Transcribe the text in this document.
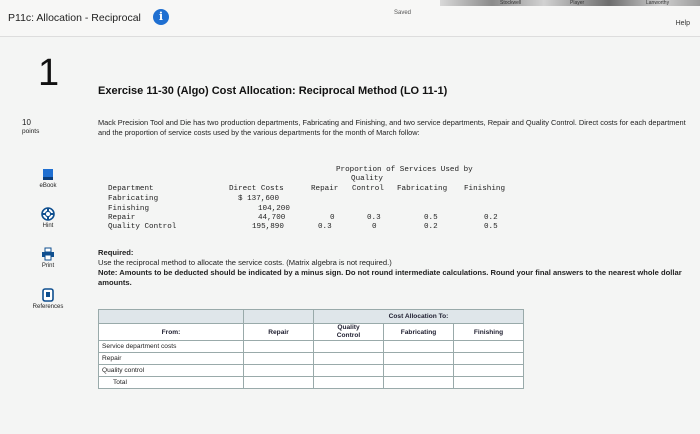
P11c: Allocation - Reciprocal	i	Saved
Stockwell	Player	Lanworthy
Help
1
10
points
eBook
Hint
Print
References
Exercise 11-30 (Algo) Cost Allocation: Reciprocal Method (LO 11-1)
Mack Precision Tool and Die has two production departments, Fabricating and Finishing, and two service departments, Repair and Quality Control. Direct costs for each department and the proportion of service costs used by the various departments for the month of March follow:
Proportion of Services Used by
Quality
Department	Direct Costs	Repair Control Fabricating Finishing
Fabricating	$ 137,600
Finishing	104,200
Repair	44,700	0	0.3	0.5	0.2
Quality Control	195,890	0.3	0	0.2	0.5
Required:
Use the reciprocal method to allocate the service costs. (Matrix algebra is not required.)
Note: Amounts to be deducted should be indicated by a minus sign. Do not round intermediate calculations. Round your final answers to the nearest whole dollar amounts.
		Cost Allocation To:		
From:	Repair	Quality
Control	Fabricating	Finishing
Service department costs				
Repair				
Quality control				
Total				
